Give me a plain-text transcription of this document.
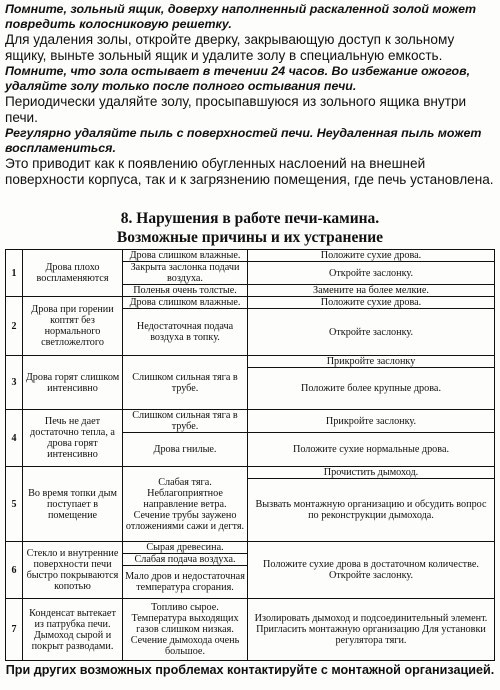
Помните, зольный ящик, доверху наполненный раскаленной золой может повредить колосниковую решетку.

Для удаления золы, откройте дверку, закрывающую доступ к зольному ящику, выньте зольный ящик и удалите золу в специальную емкость.

Помните, что зола остывает в течении 24 часов. Во избежание ожогов, удаляйте золу только после полного остывания печи.

Периодически удаляйте золу, просыпавшуюся из зольного ящика внутри печи.

Регулярно удаляйте пыль с поверхностей печи. Неудаленная пыль может воспламениться.

Это приводит как к появлению обугленных наслоений на внешней поверхности корпуса, так и к загрязнению помещения, где печь установлена.

8. Нарушения в работе печи-камина.
Возможные причины и их устранение
1	Дрова плохо воспламеняются	Дрова слишком влажные.	Положите сухие дрова.
		Закрыта заслонка подачи воздуха.	Откройте заслонку.
		Поленья очень толстые.	Замените на более мелкие.
2	Дрова при горении коптят без нормального светложелтого	Дрова слишком влажные.	Положите сухие дрова.
		Недостаточная подача воздуха в топку.	Откройте заслонку.
3	Дрова горят слишком интенсивно	Слишком сильная тяга в трубе.	Прикройте заслонку
			Положите более крупные дрова.
4	Печь не дает достаточно тепла, а дрова горят интенсивно	Слишком сильная тяга в трубе.	Прикройте заслонку.
		Дрова гнилые.	Положите сухие нормальные дрова.
5	Во время топки дым поступает в помещение	Слабая тяга. Неблагоприятное направление ветра. Сечение трубы заужено отложениями сажи и дегтя.	Прочистить дымоход.
			Вызвать монтажную организацию и обсудить вопрос по реконструкции дымохода.
6	Стекло и внутренние поверхности печи быстро покрываются копотью	Сырая древесина.	Положите сухие дрова в достаточном количестве. Откройте заслонку.
		Слабая подача воздуха.	
		Мало дров и недостаточная температура сгорания.	
7	Конденсат вытекает из патрубка печи. Дымоход сырой и покрыт разводами.	Топливо сырое. Температура выходящих газов слишком низкая. Сечение дымохода очень большое.	Изолировать дымоход и подсоединительный элемент. Пригласить монтажную организацию Для установки регулятора тяги.
При других возможных проблемах контактируйте с монтажной организацией.
